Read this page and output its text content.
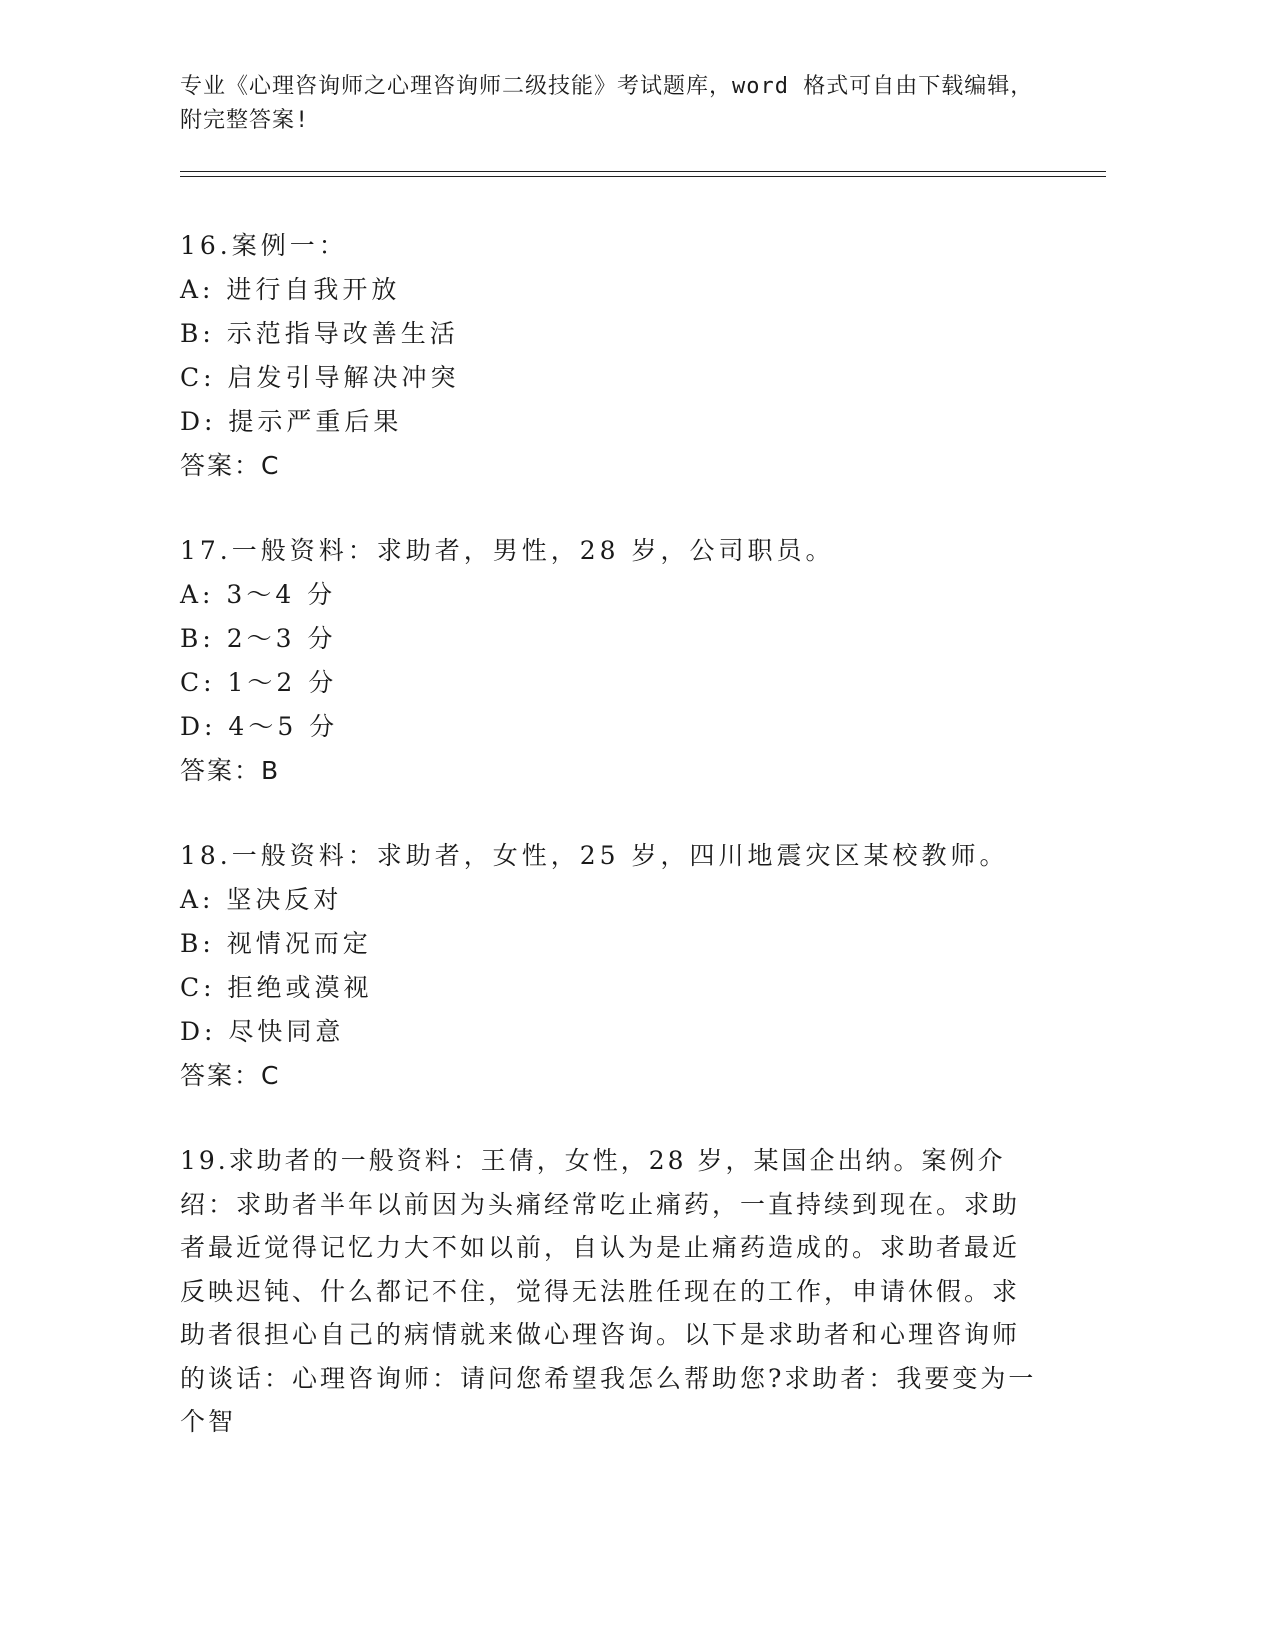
专业《心理咨询师之心理咨询师二级技能》考试题库，word 格式可自由下载编辑，附完整答案!
16.案例一：
A: 进行自我开放
B: 示范指导改善生活
C: 启发引导解决冲突
D: 提示严重后果
答案：C
17.一般资料：求助者，男性，28 岁，公司职员。
A: 3～4 分
B: 2～3 分
C: 1～2 分
D: 4～5 分
答案：B
18.一般资料：求助者，女性，25 岁，四川地震灾区某校教师。
A: 坚决反对
B: 视情况而定
C: 拒绝或漠视
D: 尽快同意
答案：C
19.求助者的一般资料：王倩，女性，28 岁，某国企出纳。案例介绍：求助者半年以前因为头痛经常吃止痛药，一直持续到现在。求助者最近觉得记忆力大不如以前，自认为是止痛药造成的。求助者最近反映迟钝、什么都记不住，觉得无法胜任现在的工作，申请休假。求助者很担心自己的病情就来做心理咨询。以下是求助者和心理咨询师的谈话：心理咨询师：请问您希望我怎么帮助您?求助者：我要变为一个智
